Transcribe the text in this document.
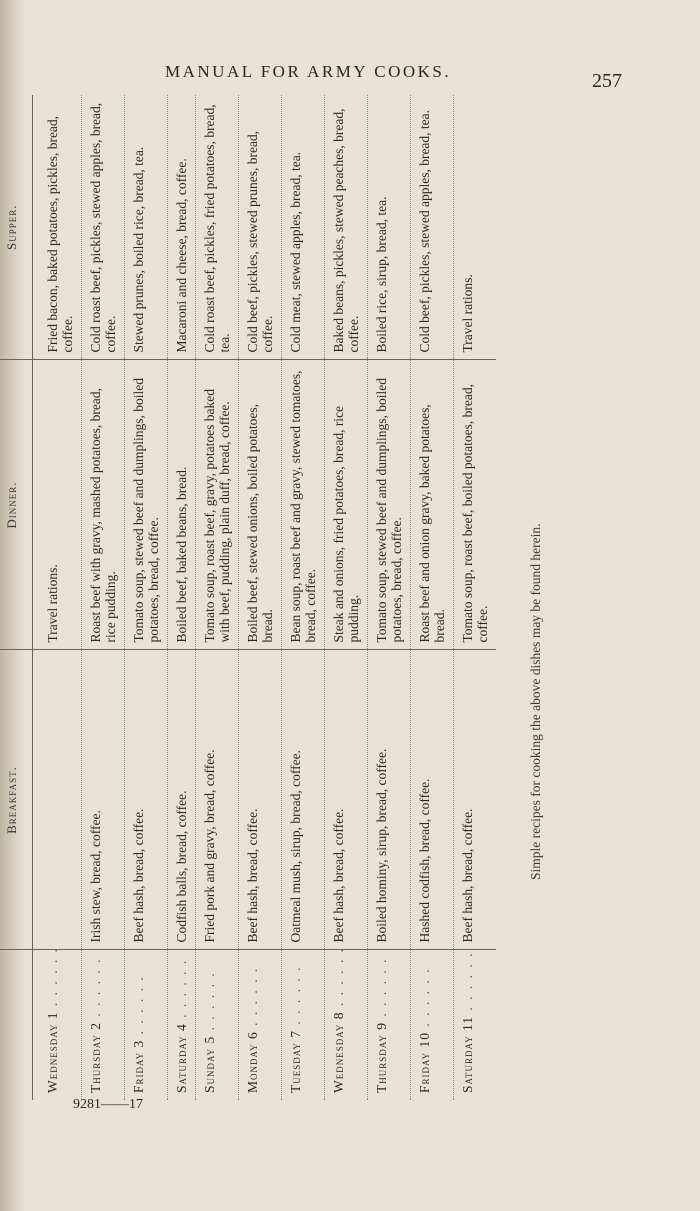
MANUAL FOR ARMY COOKS.	257
9281——17
	Breakfast.	Dinner.	Supper.
Wednesday 1 . . . . . .		Travel rations.	Fried bacon, baked potatoes, pickles, bread, coffee.
Thursday 2 . . . . . .	Irish stew, bread, coffee.	Roast beef with gravy, mashed potatoes, bread, rice pudding.	Cold roast beef, pickles, stewed apples, bread, coffee.
Friday 3 . . . . . .	Beef hash, bread, coffee.	Tomato soup, stewed beef and dumplings, boiled potatoes, bread, coffee.	Stewed prunes, boiled rice, bread, tea.
Saturday 4 . . . . . .	Codfish balls, bread, coffee.	Boiled beef, baked beans, bread.	Macaroni and cheese, bread, coffee.
Sunday 5 . . . . . .	Fried pork and gravy, bread, coffee.	Tomato soup, roast beef, gravy, potatoes baked with beef, pudding, plain duff, bread, coffee.	Cold roast beef, pickles, fried potatoes, bread, tea.
Monday 6 . . . . . .	Beef hash, bread, coffee.	Boiled beef, stewed onions, boiled potatoes, bread.	Cold beef, pickles, stewed prunes, bread, coffee.
Tuesday 7 . . . . . .	Oatmeal mush, sirup, bread, coffee.	Bean soup, roast beef and gravy, stewed tomatoes, bread, coffee.	Cold meat, stewed apples, bread, tea.
Wednesday 8 . . . . . .	Beef hash, bread, coffee.	Steak and onions, fried potatoes, bread, rice pudding.	Baked beans, pickles, stewed peaches, bread, coffee.
Thursday 9 . . . . . .	Boiled hominy, sirup, bread, coffee.	Tomato soup, stewed beef and dumplings, boiled potatoes, bread, coffee.	Boiled rice, sirup, bread, tea.
Friday 10 . . . . . .	Hashed codfish, bread, coffee.	Roast beef and onion gravy, baked potatoes, bread.	Cold beef, pickles, stewed apples, bread, tea.
Saturday 11 . . . . . .	Beef hash, bread, coffee.	Tomato soup, roast beef, boiled potatoes, bread, coffee.	Travel rations.
Simple recipes for cooking the above dishes may be found herein.
